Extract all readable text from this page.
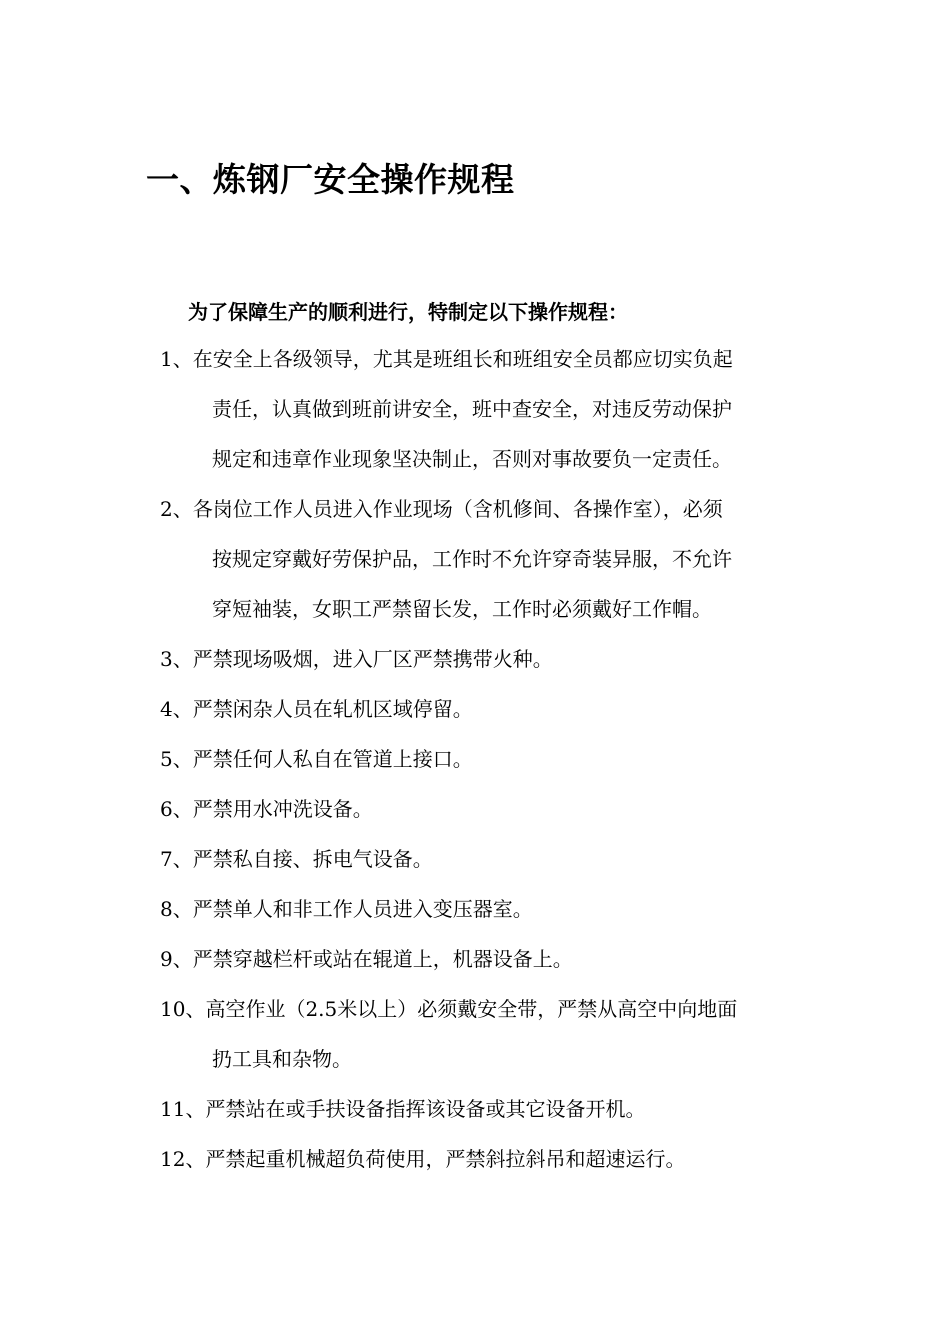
一、炼钢厂安全操作规程
为了保障生产的顺利进行，特制定以下操作规程：
1、在安全上各级领导，尤其是班组长和班组安全员都应切实负起
责任，认真做到班前讲安全，班中查安全，对违反劳动保护
规定和违章作业现象坚决制止，否则对事故要负一定责任。
2、各岗位工作人员进入作业现场（含机修间、各操作室），必须
按规定穿戴好劳保护品，工作时不允许穿奇装异服，不允许
穿短袖装，女职工严禁留长发，工作时必须戴好工作帽。
3、严禁现场吸烟，进入厂区严禁携带火种。
4、严禁闲杂人员在轧机区域停留。
5、严禁任何人私自在管道上接口。
6、严禁用水冲洗设备。
7、严禁私自接、拆电气设备。
8、严禁单人和非工作人员进入变压器室。
9、严禁穿越栏杆或站在辊道上，机器设备上。
10、高空作业（2.5米以上）必须戴安全带，严禁从高空中向地面
扔工具和杂物。
11、严禁站在或手扶设备指挥该设备或其它设备开机。
12、严禁起重机械超负荷使用，严禁斜拉斜吊和超速运行。
